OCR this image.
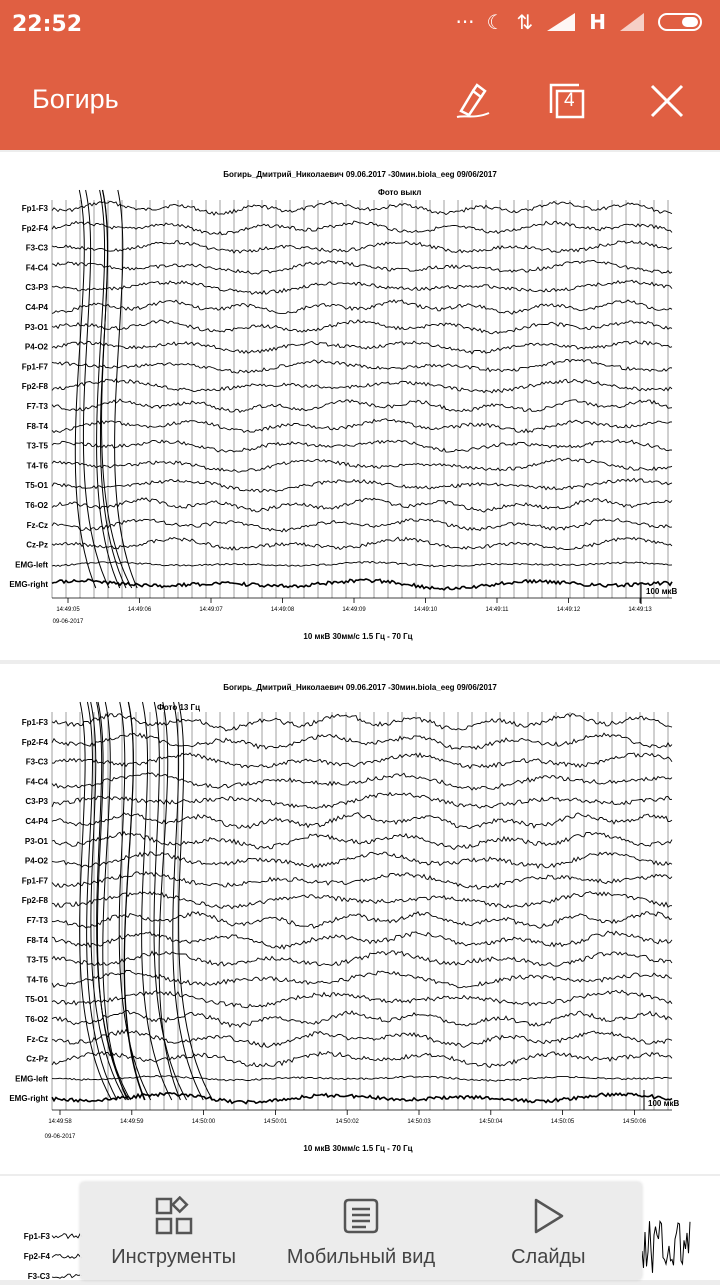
22:52	··· ☾ ⇅	H
Богирь	4
Богирь_Дмитрий_Николаевич 09.06.2017 -30мин.biola_eeg 09/06/2017
Фото выкл
Fp1-F3
Fp2-F4
F3-C3
F4-C4
C3-P3
C4-P4
P3-O1
P4-O2
Fp1-F7
Fp2-F8
F7-T3
F8-T4
T3-T5
T4-T6
T5-O1
T6-O2
Fz-Cz
Cz-Pz
EMG-left
EMG-right
100 мкВ
14:49:05	14:49:06	14:49:07	14:49:08	14:49:09	14:49:10	14:49:11	14:49:12	14:49:13
09-06-2017
10 мкВ 30мм/с 1.5 Гц - 70 Гц
Богирь_Дмитрий_Николаевич 09.06.2017 -30мин.biola_eeg 09/06/2017
Фото 13 Гц
Fp1-F3
Fp2-F4
F3-C3
F4-C4
C3-P3
C4-P4
P3-O1
P4-O2
Fp1-F7
Fp2-F8
F7-T3
F8-T4
T3-T5
T4-T6
T5-O1
T6-O2
Fz-Cz
Cz-Pz
EMG-left
EMG-right
100 мкВ
14:49:58	14:49:59	14:50:00	14:50:01	14:50:02	14:50:03	14:50:04	14:50:05	14:50:06
09-06-2017
10 мкВ 30мм/с 1.5 Гц - 70 Гц
Fp1-F3
Fp2-F4
F3-C3
Инструменты	Мобильный вид	Слайды
